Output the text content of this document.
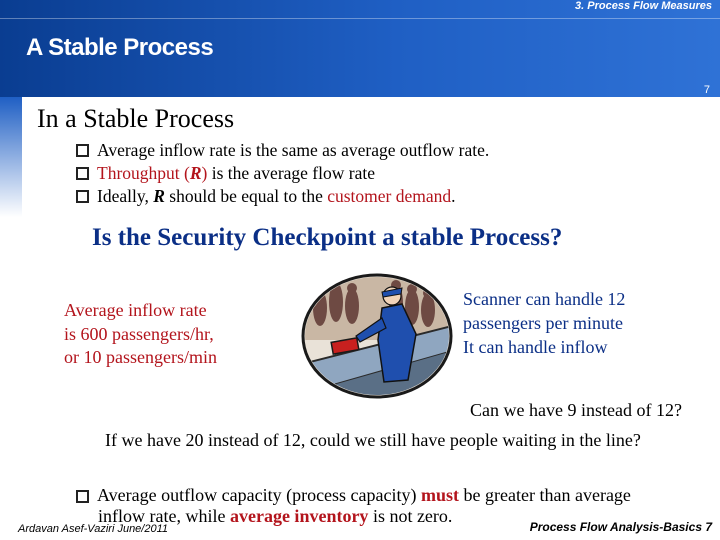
3. Process Flow Measures
A Stable Process
7
In a Stable Process
Average inflow rate is the same as average outflow rate.
Throughput (R) is the average flow rate
Ideally, R should be equal to the customer demand.
Is the Security Checkpoint a stable Process?
Average inflow rate
is 600 passengers/hr,
or 10 passengers/min
Scanner can handle 12
passengers per minute
It can handle inflow
Can we have 9 instead of 12?
If we have 20 instead of 12, could we still have people waiting in the line?
Average outflow capacity (process capacity) must be greater than average
inflow rate, while average inventory is not zero.
Ardavan Asef-Vaziri June/2011	Process Flow Analysis-Basics 7
